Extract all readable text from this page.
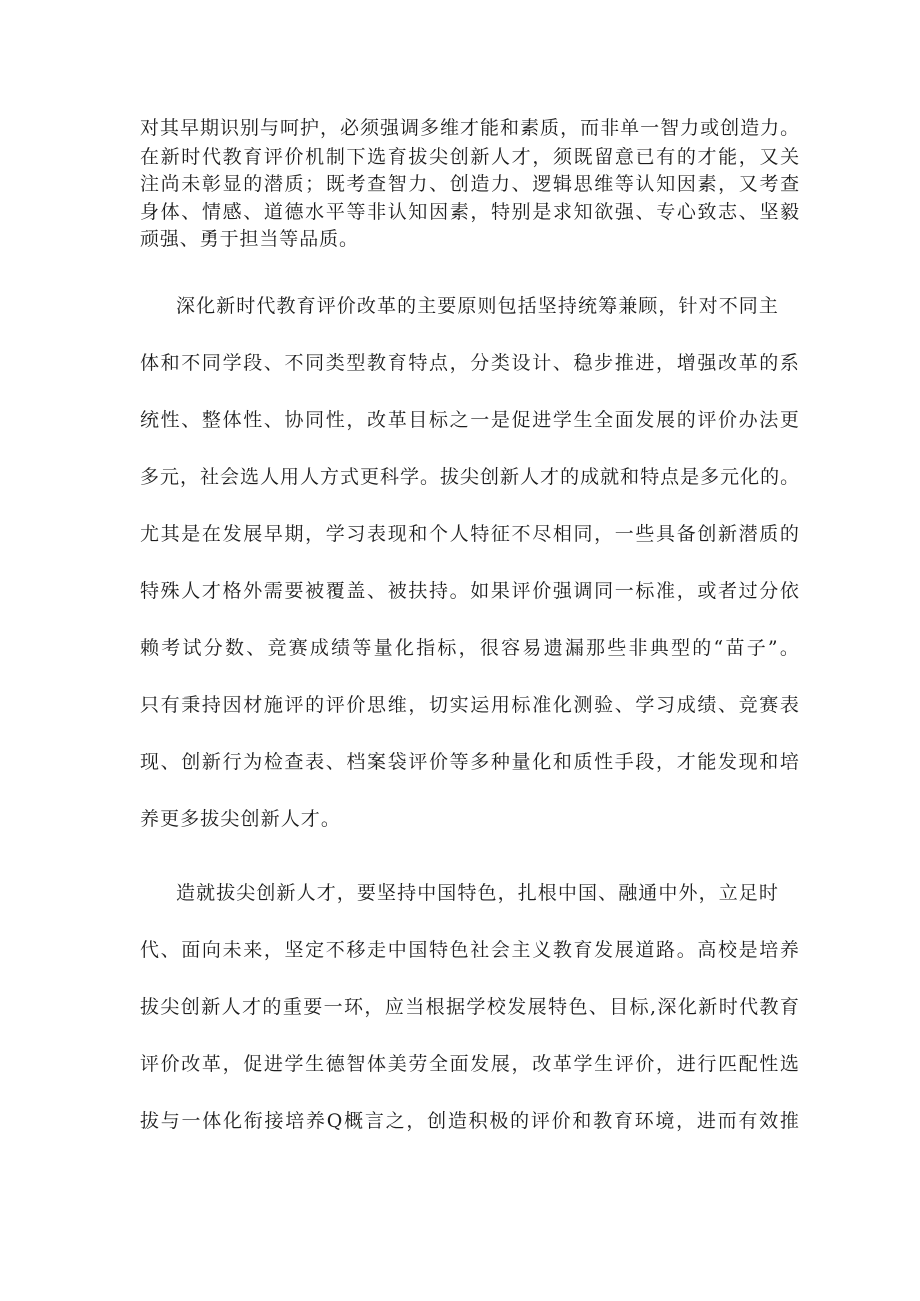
对其早期识别与呵护，必须强调多维才能和素质，而非单一智力或创造力。

在新时代教育评价机制下选育拔尖创新人才，须既留意已有的才能，又关

注尚未彰显的潜质；既考查智力、创造力、逻辑思维等认知因素，又考查

身体、情感、道德水平等非认知因素，特别是求知欲强、专心致志、坚毅

顽强、勇于担当等品质。

深化新时代教育评价改革的主要原则包括坚持统筹兼顾，针对不同主

体和不同学段、不同类型教育特点，分类设计、稳步推进，增强改革的系

统性、整体性、协同性，改革目标之一是促进学生全面发展的评价办法更

多元，社会选人用人方式更科学。拔尖创新人才的成就和特点是多元化的。

尤其是在发展早期，学习表现和个人特征不尽相同，一些具备创新潜质的

特殊人才格外需要被覆盖、被扶持。如果评价强调同一标准，或者过分依

赖考试分数、竞赛成绩等量化指标，很容易遗漏那些非典型的“苗子”。

只有秉持因材施评的评价思维，切实运用标准化测验、学习成绩、竞赛表

现、创新行为检查表、档案袋评价等多种量化和质性手段，才能发现和培

养更多拔尖创新人才。

造就拔尖创新人才，要坚持中国特色，扎根中国、融通中外，立足时

代、面向未来，坚定不移走中国特色社会主义教育发展道路。高校是培养

拔尖创新人才的重要一环，应当根据学校发展特色、目标,深化新时代教育

评价改革，促进学生德智体美劳全面发展，改革学生评价，进行匹配性选

拔与一体化衔接培养Q概言之，创造积极的评价和教育环境，进而有效推
